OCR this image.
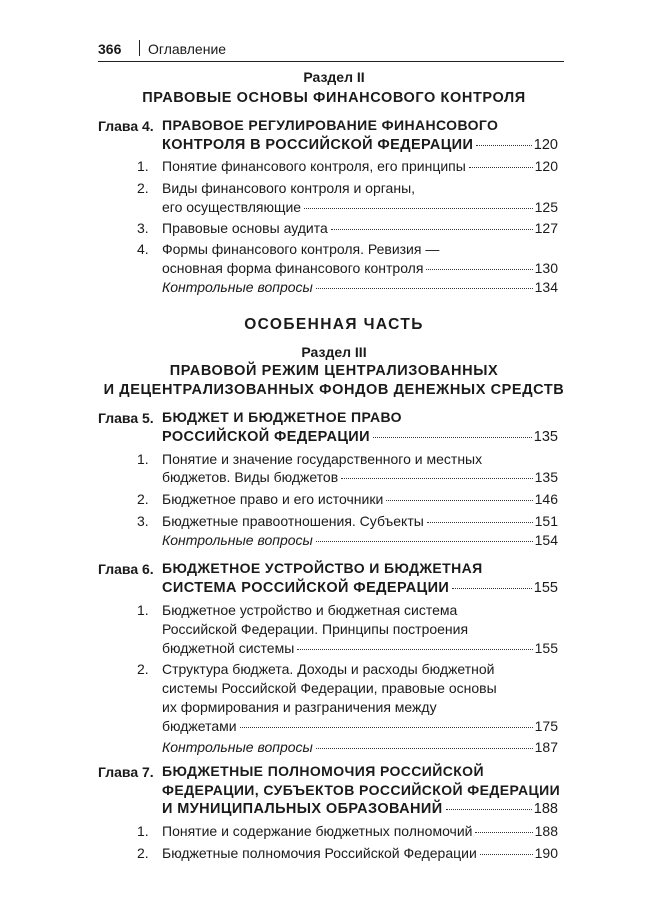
366 Оглавление
Раздел II
ПРАВОВЫЕ ОСНОВЫ ФИНАНСОВОГО КОНТРОЛЯ
Глава 4. ПРАВОВОЕ РЕГУЛИРОВАНИЕ ФИНАНСОВОГО
КОНТРОЛЯ В РОССИЙСКОЙ ФЕДЕРАЦИИ	120
1. Понятие финансового контроля, его принципы	120
2. Виды финансового контроля и органы,
его осуществляющие	125
3. Правовые основы аудита	127
4. Формы финансового контроля. Ревизия —
основная форма финансового контроля	130
Контрольные вопросы	134
ОСОБЕННАЯ ЧАСТЬ
Раздел III
ПРАВОВОЙ РЕЖИМ ЦЕНТРАЛИЗОВАННЫХ
И ДЕЦЕНТРАЛИЗОВАННЫХ ФОНДОВ ДЕНЕЖНЫХ СРЕДСТВ
Глава 5. БЮДЖЕТ И БЮДЖЕТНОЕ ПРАВО
РОССИЙСКОЙ ФЕДЕРАЦИИ	135
1. Понятие и значение государственного и местных
бюджетов. Виды бюджетов	135
2. Бюджетное право и его источники	146
3. Бюджетные правоотношения. Субъекты	151
Контрольные вопросы	154
Глава 6. БЮДЖЕТНОЕ УСТРОЙСТВО И БЮДЖЕТНАЯ
СИСТЕМА РОССИЙСКОЙ ФЕДЕРАЦИИ	155
1. Бюджетное устройство и бюджетная система
Российской Федерации. Принципы построения
бюджетной системы	155
2. Структура бюджета. Доходы и расходы бюджетной
системы Российской Федерации, правовые основы
их формирования и разграничения между
бюджетами	175
Контрольные вопросы	187
Глава 7. БЮДЖЕТНЫЕ ПОЛНОМОЧИЯ РОССИЙСКОЙ
ФЕДЕРАЦИИ, СУБЪЕКТОВ РОССИЙСКОЙ ФЕДЕРАЦИИ
И МУНИЦИПАЛЬНЫХ ОБРАЗОВАНИЙ	188
1. Понятие и содержание бюджетных полномочий	188
2. Бюджетные полномочия Российской Федерации	190
